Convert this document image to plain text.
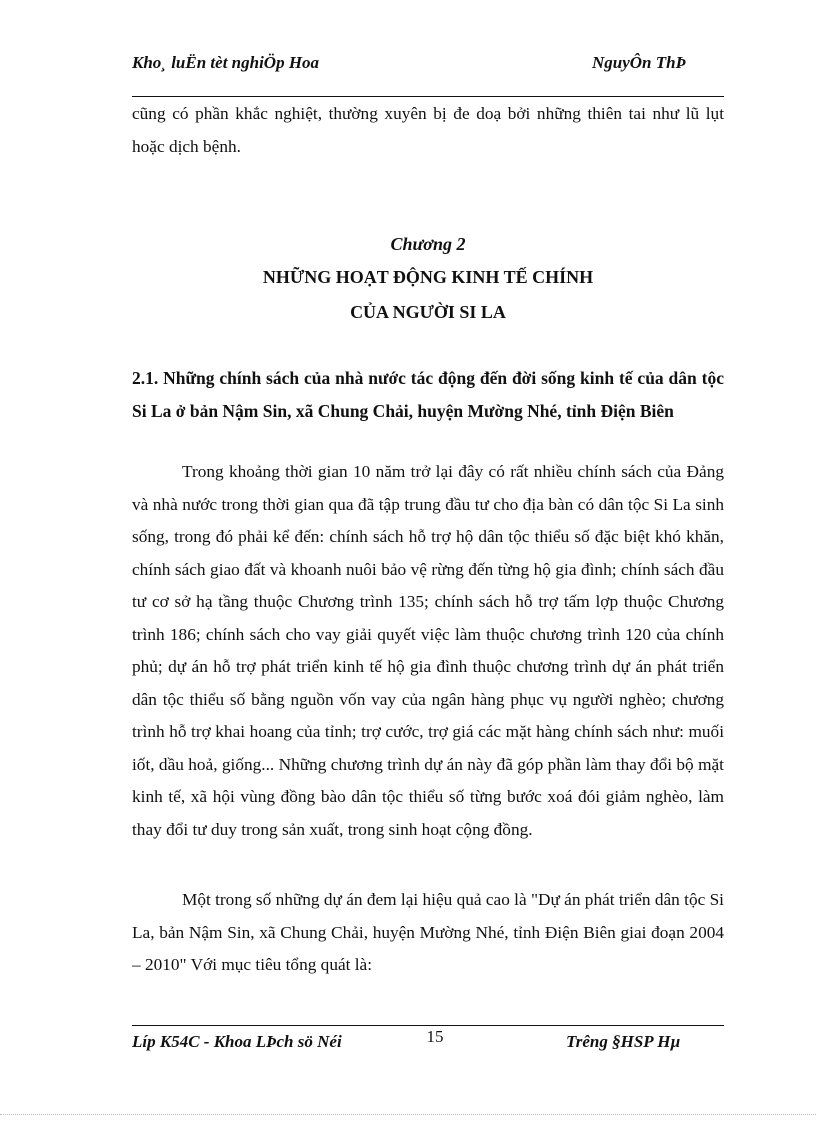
Kho¸ luËn tèt nghiÖp Hoa	NguyÔn ThÞ
cũng có phần khắc nghiệt, thường xuyên bị đe doạ bởi những thiên tai như lũ lụt hoặc dịch bệnh.
Chương 2
NHỮNG HOẠT ĐỘNG KINH TẾ CHÍNH
CỦA NGƯỜI SI LA
2.1. Những chính sách của nhà nước tác động đến đời sống kinh tế của dân tộc Si La ở bản Nậm Sin, xã Chung Chải, huyện Mường Nhé, tỉnh Điện Biên
Trong khoảng thời gian 10 năm trở lại đây có rất nhiều chính sách của Đảng và nhà nước trong thời gian qua đã tập trung đầu tư cho địa bàn có dân tộc Si La sinh sống, trong đó phải kể đến: chính sách hỗ trợ hộ dân tộc thiểu số đặc biệt khó khăn, chính sách giao đất và khoanh nuôi bảo vệ rừng đến từng hộ gia đình; chính sách đầu tư cơ sở hạ tầng thuộc Chương trình 135; chính sách hỗ trợ tấm lợp thuộc Chương trình 186; chính sách cho vay giải quyết việc làm thuộc chương trình 120 của chính phủ; dự án hỗ trợ phát triển kinh tế hộ gia đình thuộc chương trình dự án phát triển dân tộc thiểu số bằng nguồn vốn vay của ngân hàng phục vụ người nghèo; chương trình hỗ trợ khai hoang của tỉnh; trợ cước, trợ giá các mặt hàng chính sách như: muối iốt, dầu hoả, giống... Những chương trình dự án này đã góp phần làm thay đổi bộ mặt kinh tế, xã hội vùng đồng bào dân tộc thiểu số từng bước xoá đói giảm nghèo, làm thay đổi tư duy trong sản xuất, trong sinh hoạt cộng đồng.
Một trong số những dự án đem lại hiệu quả cao là "Dự án phát triển dân tộc Si La, bản Nậm Sin, xã Chung Chải, huyện Mường Nhé, tỉnh Điện Biên giai đoạn 2004 – 2010" Với mục tiêu tổng quát là:
Líp K54C - Khoa LÞch sö Néi	15	Trêng §HSP Hµ
